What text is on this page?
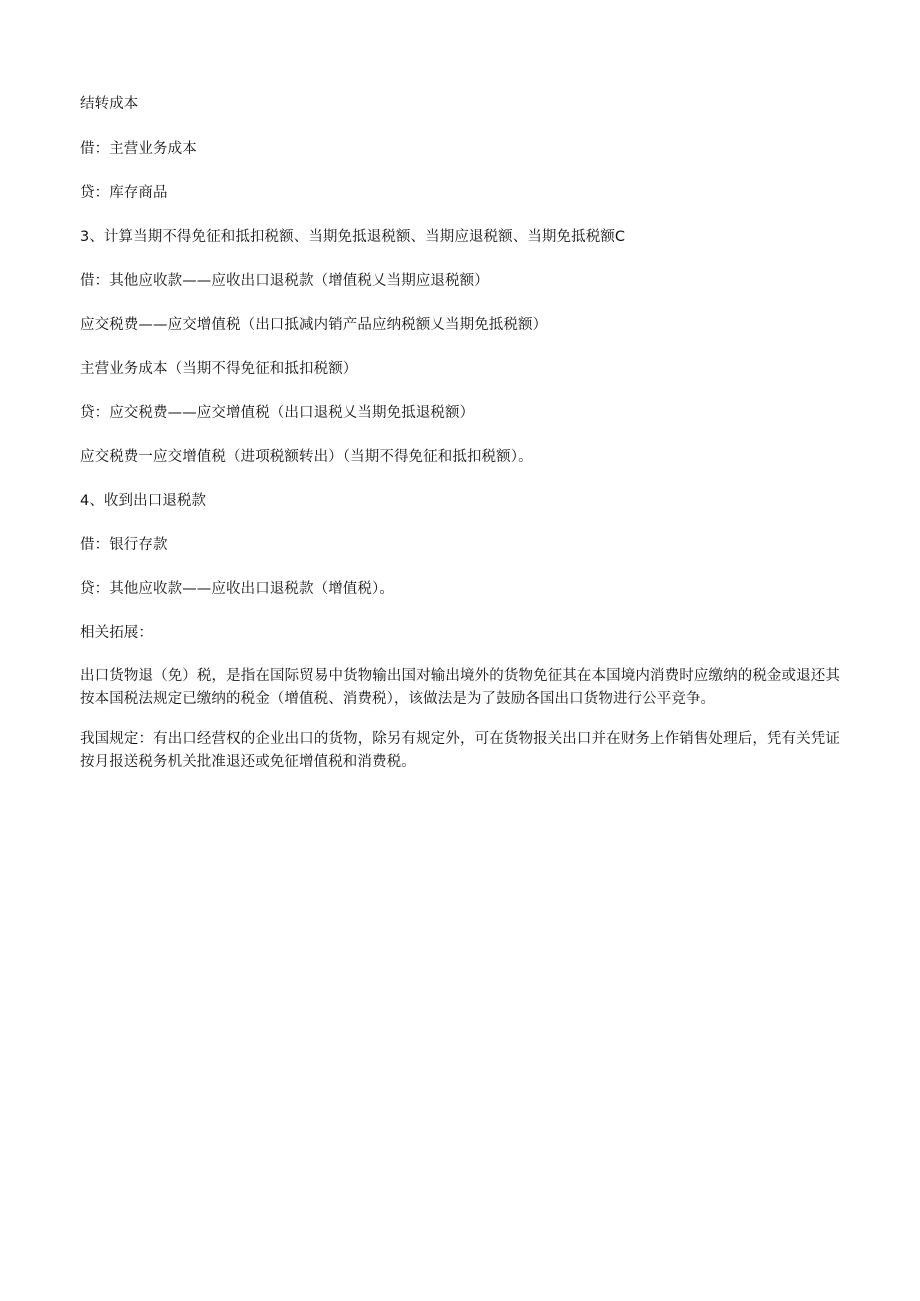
结转成本

借：主营业务成本

贷：库存商品

3、计算当期不得免征和抵扣税额、当期免抵退税额、当期应退税额、当期免抵税额C

借：其他应收款——应收出口退税款（增值税乂当期应退税额）

应交税费——应交增值税（出口抵减内销产品应纳税额乂当期免抵税额）

主营业务成本（当期不得免征和抵扣税额）

贷：应交税费——应交增值税（出口退税乂当期免抵退税额）

应交税费一应交增值税（进项税额转出）（当期不得免征和抵扣税额）。

4、收到出口退税款

借：银行存款

贷：其他应收款——应收出口退税款（增值税）。

相关拓展：

出口货物退（免）税，是指在国际贸易中货物输出国对输出境外的货物免征其在本国境内消费时应缴纳的税金或退还其按本国税法规定已缴纳的税金（增值税、消费税），该做法是为了鼓励各国出口货物进行公平竞争。

我国规定：有出口经营权的企业出口的货物，除另有规定外，可在货物报关出口并在财务上作销售处理后，凭有关凭证按月报送税务机关批准退还或免征增值税和消费税。
